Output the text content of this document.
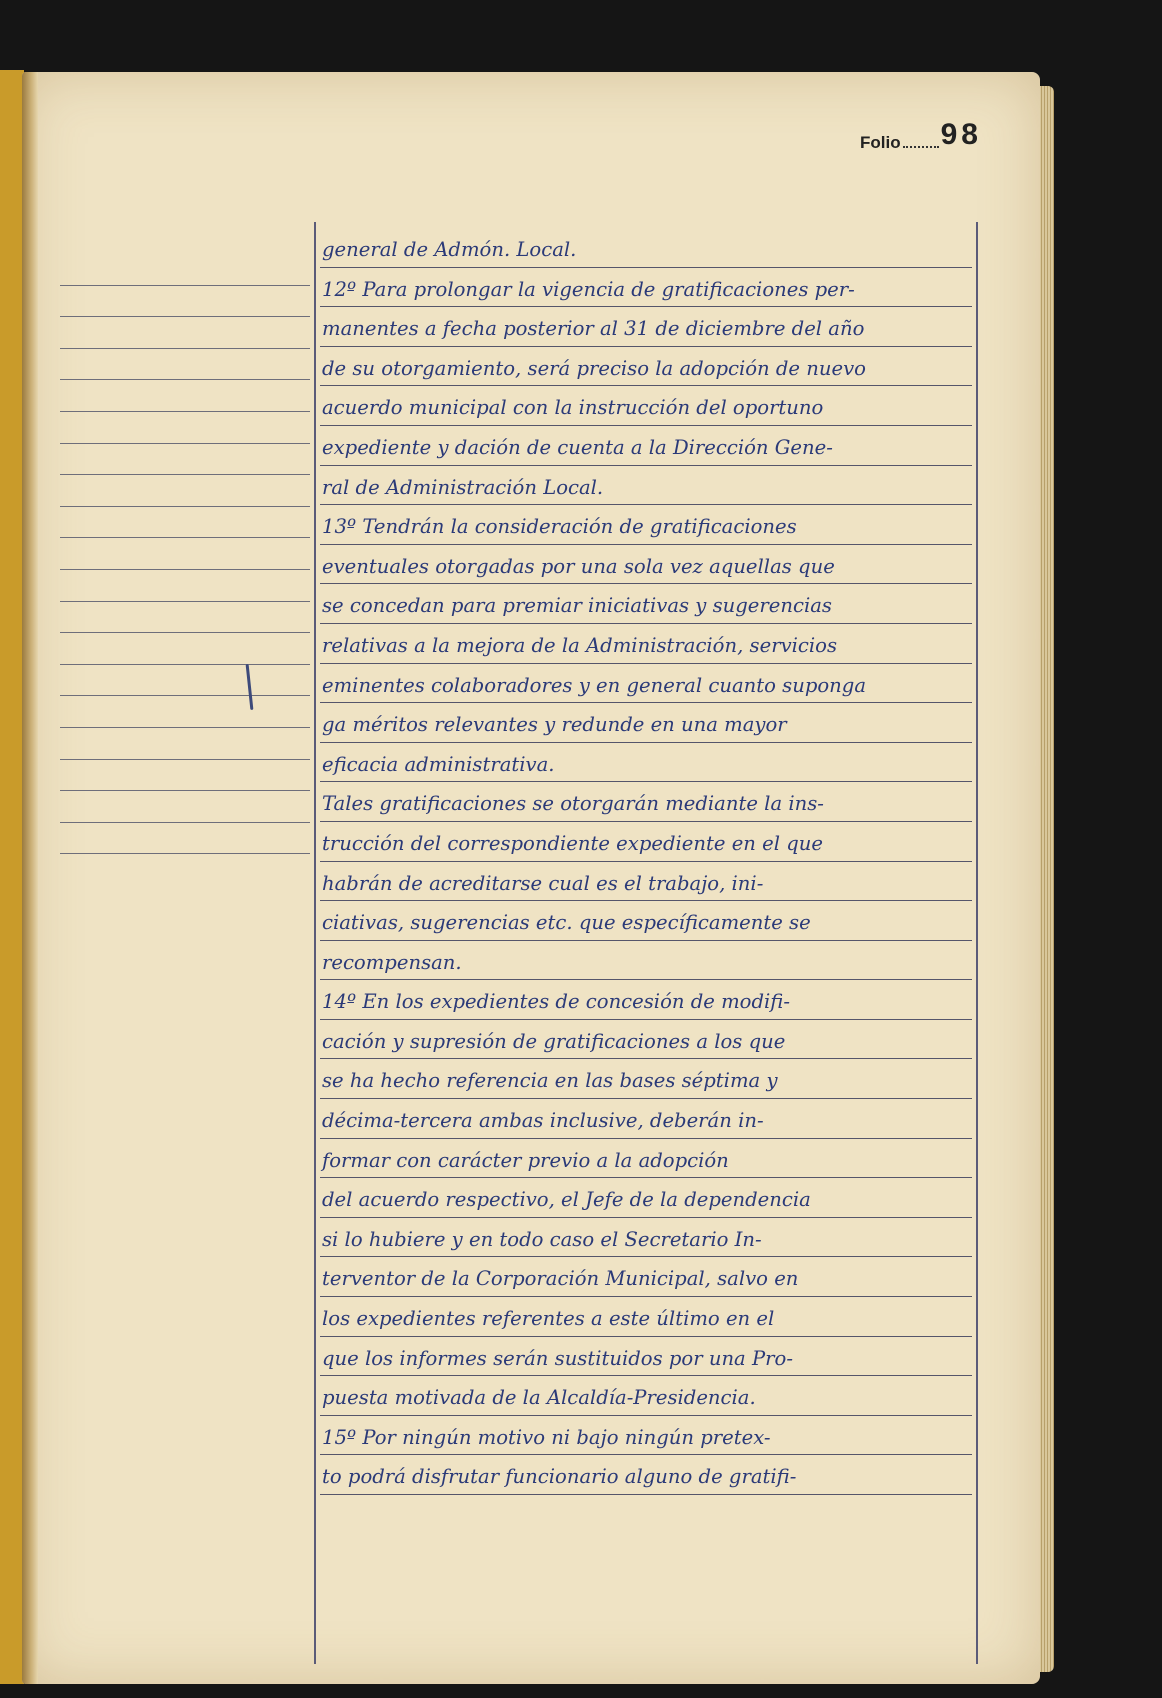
Folio 98
general de Admón. Local.
12º Para prolongar la vigencia de gratificaciones per-
manentes a fecha posterior al 31 de diciembre del año
de su otorgamiento, será preciso la adopción de nuevo
acuerdo municipal con la instrucción del oportuno
expediente y dación de cuenta a la Dirección Gene-
ral de Administración Local.
13º Tendrán la consideración de gratificaciones
eventuales otorgadas por una sola vez aquellas que
se concedan para premiar iniciativas y sugerencias
relativas a la mejora de la Administración, servicios
eminentes colaboradores y en general cuanto suponga
ga méritos relevantes y redunde en una mayor
eficacia administrativa.
Tales gratificaciones se otorgarán mediante la ins-
trucción del correspondiente expediente en el que
habrán de acreditarse cual es el trabajo, ini-
ciativas, sugerencias etc. que específicamente se
recompensan.
14º En los expedientes de concesión de modifi-
cación y supresión de gratificaciones a los que
se ha hecho referencia en las bases séptima y
décima-tercera ambas inclusive, deberán in-
formar con carácter previo a la adopción
del acuerdo respectivo, el Jefe de la dependencia
si lo hubiere y en todo caso el Secretario In-
terventor de la Corporación Municipal, salvo en
los expedientes referentes a este último en el
que los informes serán sustituidos por una Pro-
puesta motivada de la Alcaldía-Presidencia.
15º Por ningún motivo ni bajo ningún pretex-
to podrá disfrutar funcionario alguno de gratifi-
